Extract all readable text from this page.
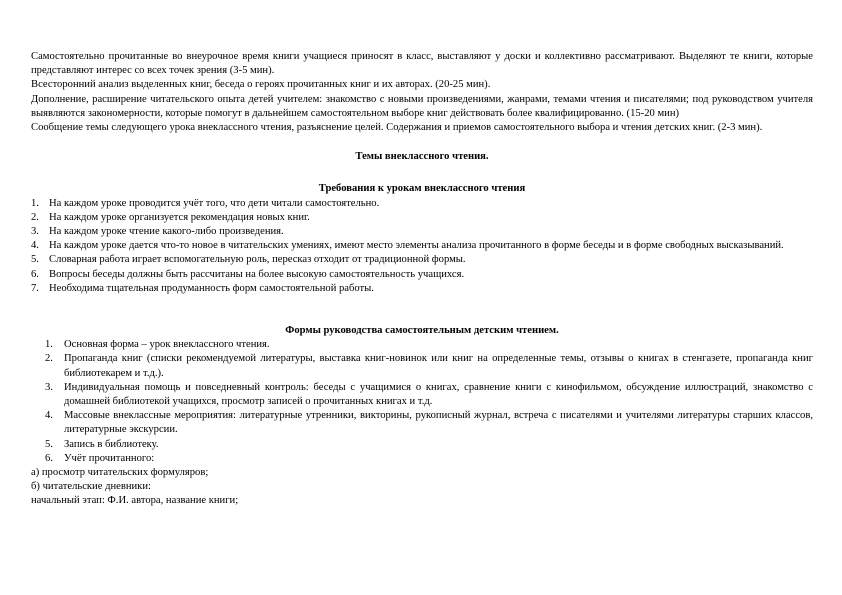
Самостоятельно прочитанные во внеурочное время книги учащиеся приносят в класс, выставляют у доски и коллективно рассматривают. Выделяют те книги, которые представляют интерес со всех точек зрения (3-5 мин).

Всесторонний анализ выделенных книг, беседа о героях прочитанных книг и их авторах. (20-25 мин).

Дополнение, расширение читательского опыта детей учителем: знакомство с новыми произведениями, жанрами, темами чтения и писателями; под руководством учителя выявляются закономерности, которые помогут в дальнейшем самостоятельном выборе книг действовать более квалифицированно. (15-20 мин)

Сообщение темы следующего урока внеклассного чтения, разъяснение целей. Содержания и приемов самостоятельного выбора и чтения детских книг. (2-3 мин).

Темы внеклассного чтения.

Требования к урокам внеклассного чтения

1. На каждом уроке проводится учёт того, что дети читали самостоятельно.
2. На каждом уроке организуется рекомендация новых книг.
3. На каждом уроке чтение какого-либо произведения.
4. На каждом уроке дается что-то новое в читательских умениях, имеют место элементы анализа прочитанного в форме беседы и в форме свободных высказываний.
5. Словарная работа играет вспомогательную роль, пересказ отходит от традиционной формы.
6. Вопросы беседы должны быть рассчитаны на более высокую самостоятельность учащихся.
7. Необходима тщательная продуманность форм самостоятельной работы.

Формы руководства самостоятельным детским чтением.

1. Основная форма – урок внеклассного чтения.
2. Пропаганда книг (списки рекомендуемой литературы, выставка книг-новинок или книг на определенные темы, отзывы о книгах в стенгазете, пропаганда книг библиотекарем и т.д.).
3. Индивидуальная помощь и повседневный контроль: беседы с учащимися о книгах, сравнение книги с кинофильмом, обсуждение иллюстраций, знакомство с домашней библиотекой учащихся, просмотр записей о прочитанных книгах и т.д.
4. Массовые внеклассные мероприятия: литературные утренники, викторины, рукописный журнал, встреча с писателями и учителями литературы старших классов, литературные экскурсии.
5. Запись в библиотеку.
6. Учёт прочитанного:

а) просмотр читательских формуляров;

б) читательские дневники:

начальный этап: Ф.И. автора, название книги;
